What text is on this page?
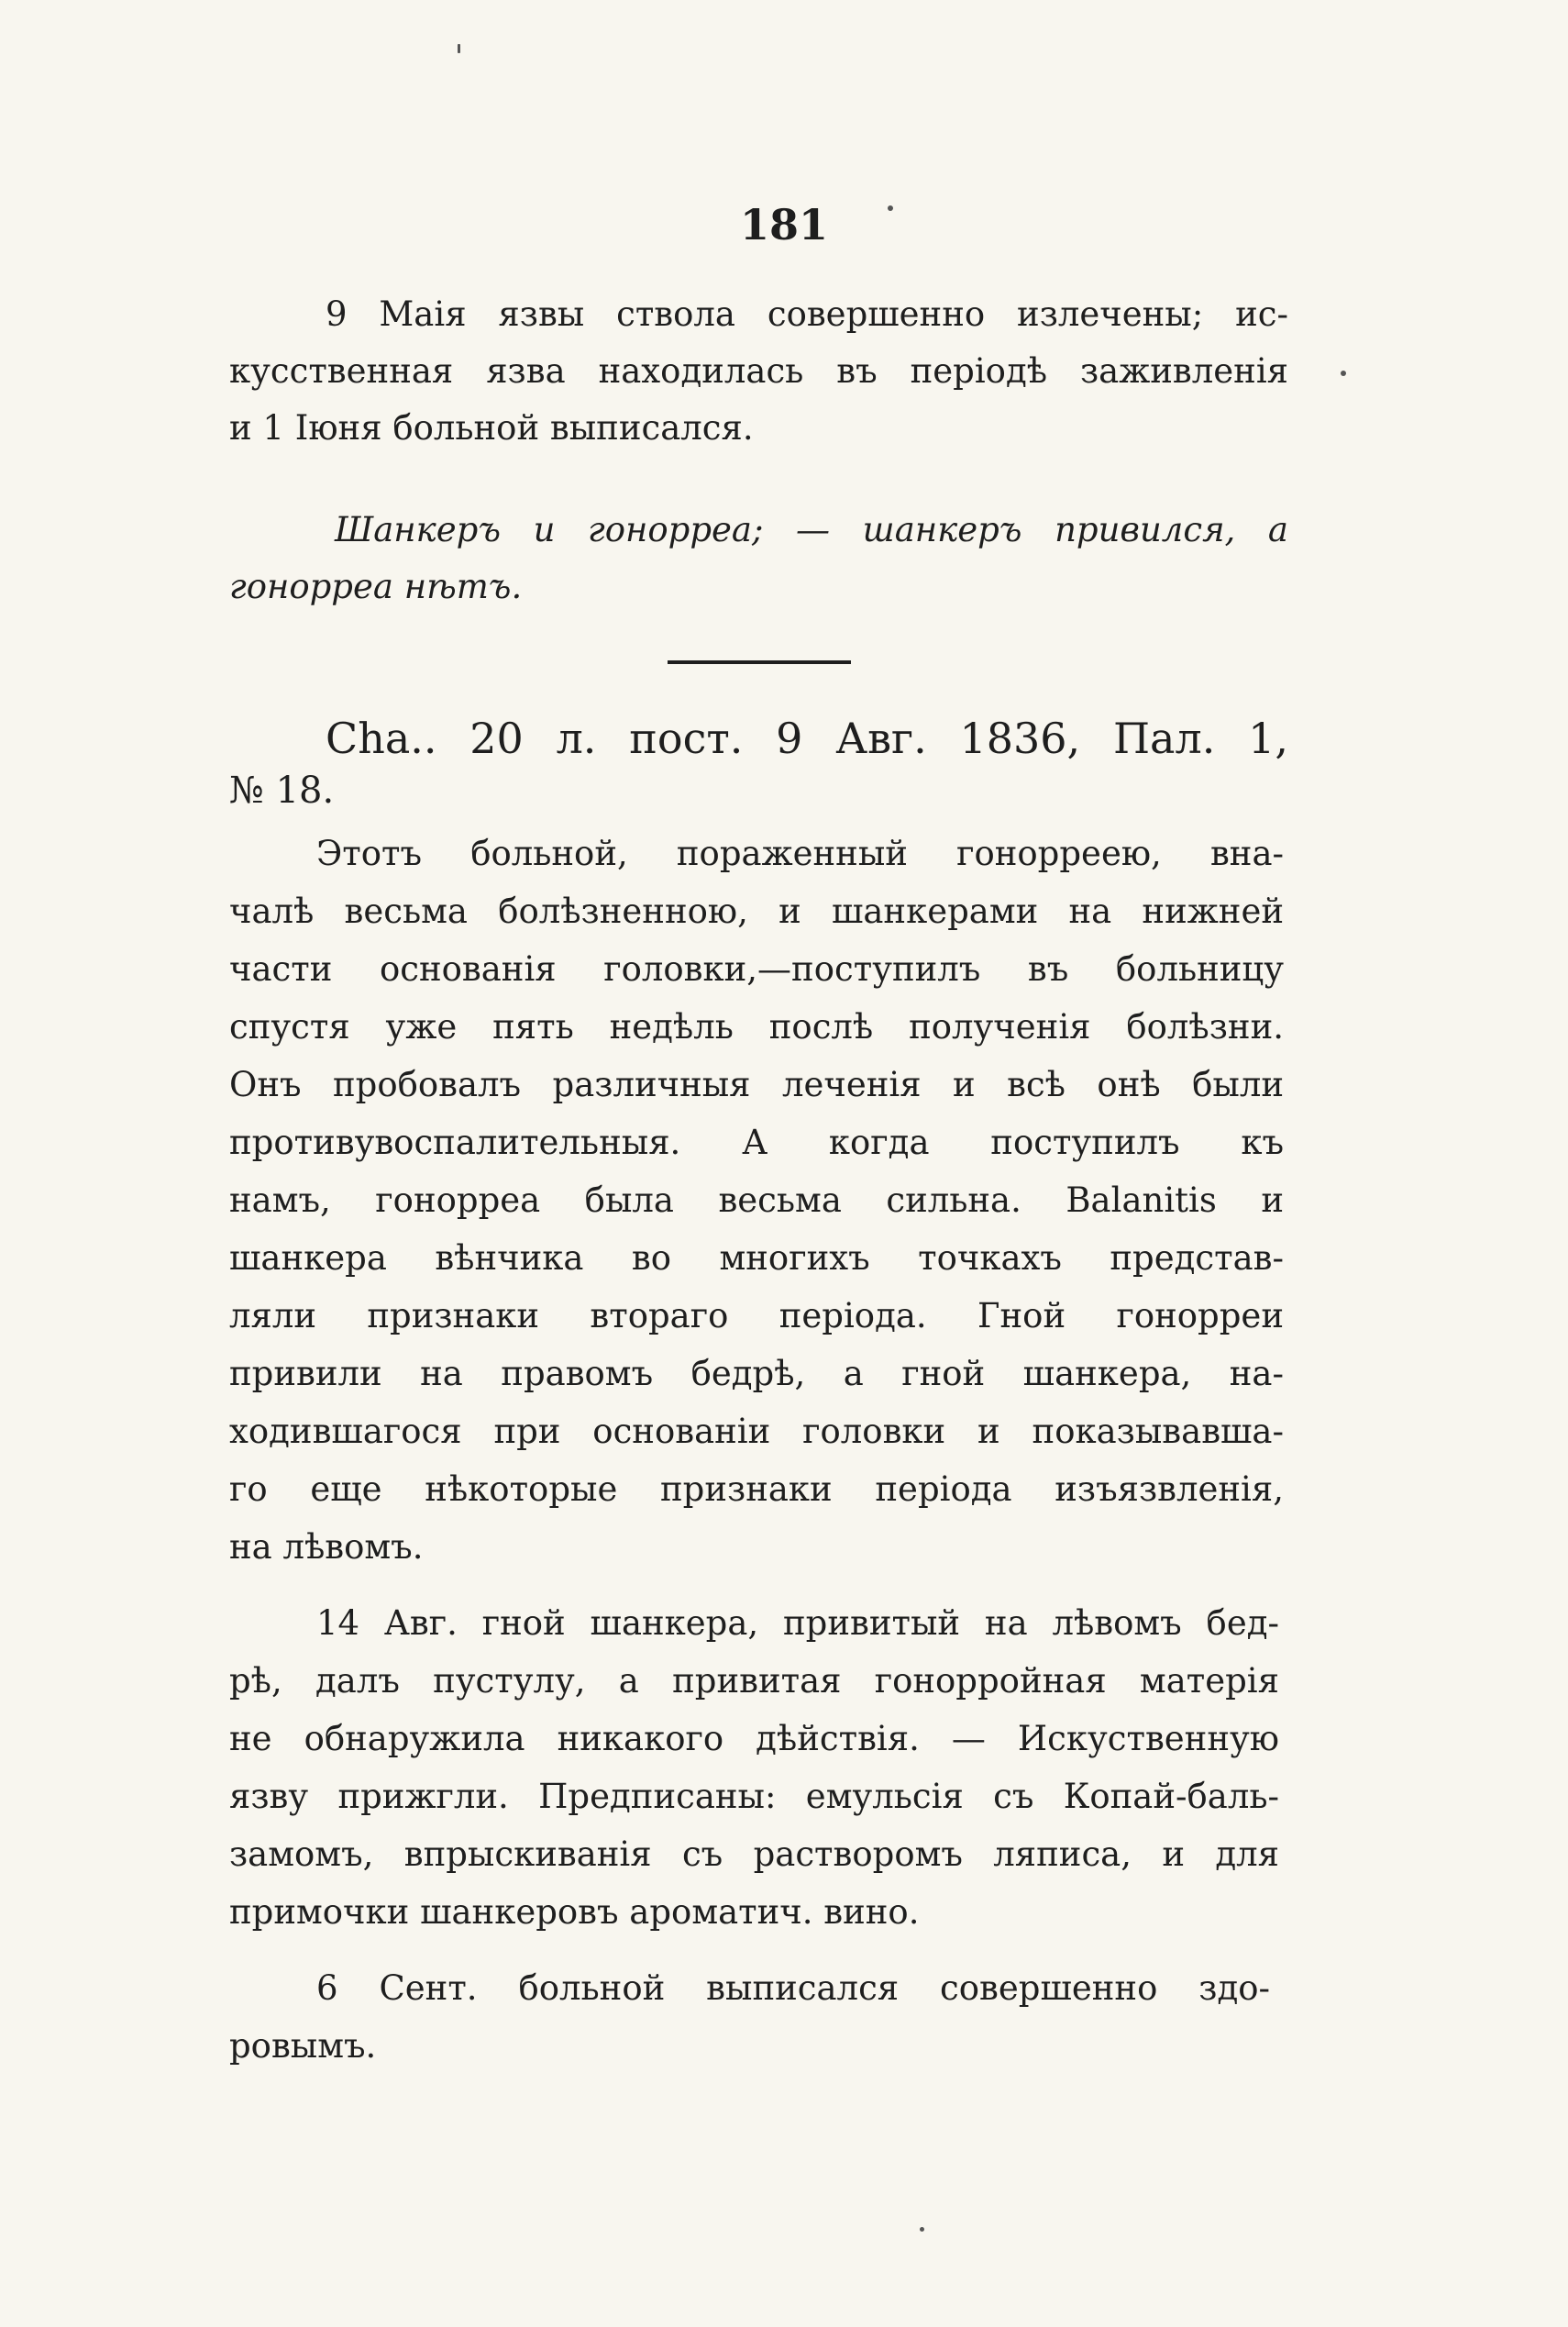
181
9 Маія язвы ствола совершенно излечены; ис-
кусственная язва находилась въ періодѣ заживленія
и 1 Іюня больной выписался.
Шанкеръ и гонорреа; — шанкеръ привился, а
гонорреа нѣтъ.
Сha.. 20 л. пост. 9 Авг. 1836, Пал. 1,
№ 18.
Этотъ больной, пораженный гонорреею, вна-
чалѣ весьма болѣзненною, и шанкерами на нижней
части основанія головки,—поступилъ въ больницу
спустя уже пять недѣль послѣ полученія болѣзни.
Онъ пробовалъ различныя леченія и всѣ онѣ были
противувоспалительныя. А когда поступилъ къ
намъ, гонорреа была весьма сильна. Balanitis и
шанкера вѣнчика во многихъ точкахъ представ-
ляли признаки втораго періода. Гной гонорреи
привили на правомъ бедрѣ, а гной шанкера, на-
ходившагося при основаніи головки и показывавша-
го еще нѣкоторые признаки періода изъязвленія,
на лѣвомъ.
14 Авг. гной шанкера, привитый на лѣвомъ бед-
рѣ, далъ пустулу, а привитая гонорройная матерія
не обнаружила никакого дѣйствія. — Искуственную
язву прижгли. Предписаны: емульсія съ Копай-баль-
замомъ, впрыскиванія съ растворомъ ляписа, и для
примочки шанкеровъ ароматич. вино.
6 Сент. больной выписался совершенно здо-
ровымъ.
